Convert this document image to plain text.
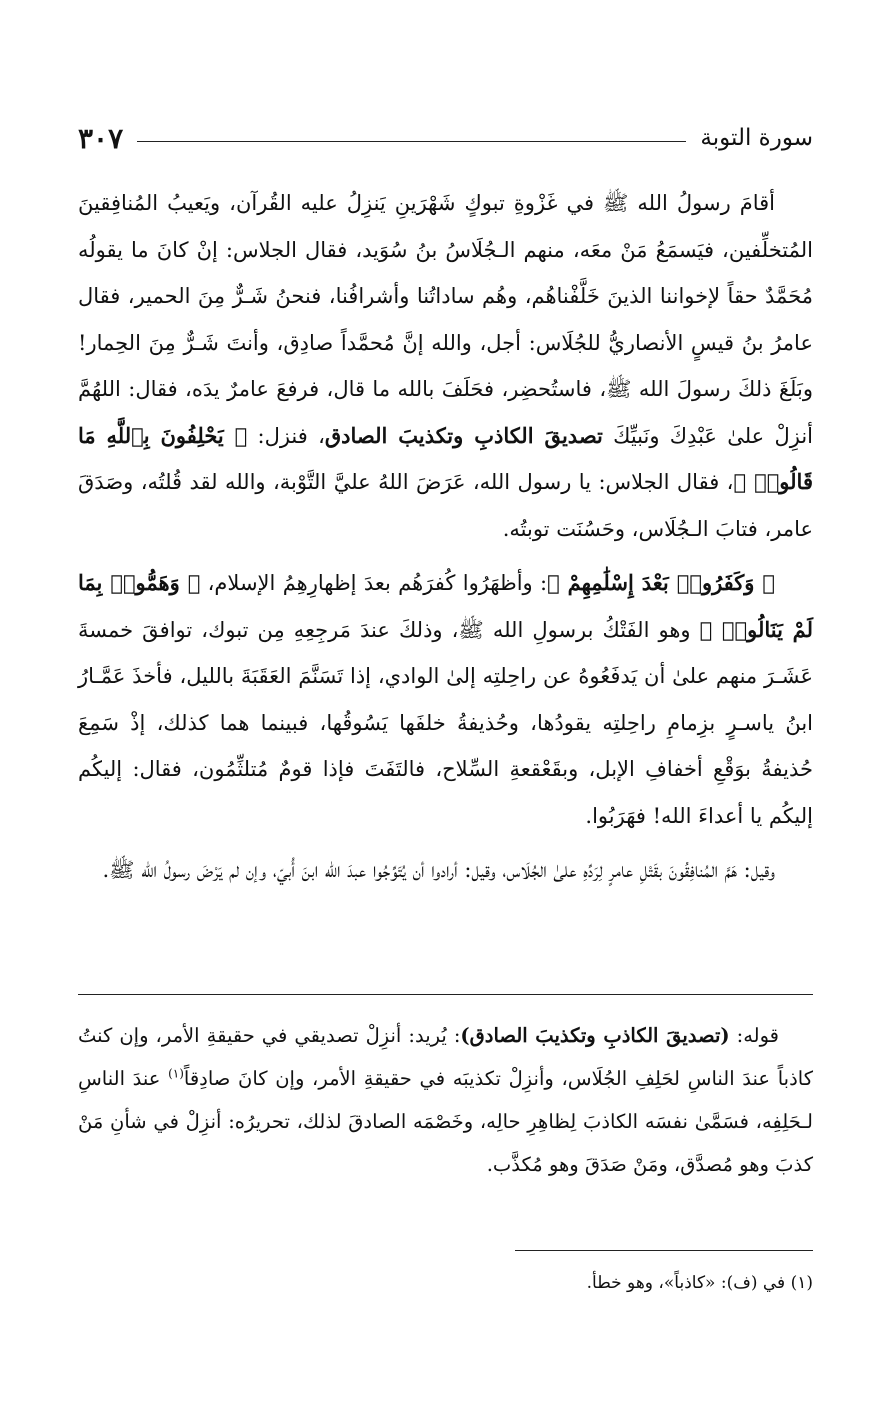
سورة التوبة
٣٠٧

أقامَ رسولُ الله ﷺ في غَزْوةِ تبوكٍ شَهْرَينِ يَنزِلُ عليه القُرآن، ويَعيبُ المُنافِقينَ المُتخلِّفين، فيَسمَعُ مَنْ معَه، منهم الـجُلَاسُ بنُ سُوَيد، فقال الجلاس: إنْ كانَ ما يقولُه مُحَمَّدٌ حقاً لإخواننا الذينَ خَلَّفْناهُم، وهُم ساداتُنا وأشرافُنا، فنحنُ شَـرٌّ مِنَ الحمير، فقال عامرُ بنُ قيسٍ الأنصاريُّ للجُلَاس: أجل، والله إنَّ مُحمَّداً صادِق، وأنتَ شَـرٌّ مِنَ الحِمار! وبَلَغَ ذلكَ رسولَ الله ﷺ، فاستُحضِر، فحَلَفَ بالله ما قال، فرفعَ عامرٌ يدَه، فقال: اللهُمَّ أنزِلْ علىٰ عَبْدِكَ ونَبيِّكَ تصديقَ الكاذبِ وتكذيبَ الصادق، فنزل: ﴿ يَحْلِفُونَ بِٱللَّهِ مَا قَالُوا۟ ﴾، فقال الجلاس: يا رسول الله، عَرَضَ اللهُ عليَّ التَّوْبة، والله لقد قُلتُه، وصَدَقَ عامر، فتابَ الـجُلَاس، وحَسُنَت توبتُه.

﴿ وَكَفَرُوا۟ بَعْدَ إِسْلَٰمِهِمْ ﴾: وأظهَرُوا كُفرَهُم بعدَ إظهارِهِمُ الإسلام، ﴿ وَهَمُّوا۟ بِمَا لَمْ يَنَالُوا۟ ﴾ وهو الفَتْكُ برسولِ الله ﷺ، وذلكَ عندَ مَرجِعِهِ مِن تبوك، توافقَ خمسةَ عَشَـرَ منهم علىٰ أن يَدفَعُوهُ عن راحِلتِه إلىٰ الوادي، إذا تَسَنَّمَ العَقَبَةَ بالليل، فأخذَ عَمَّـارُ ابنُ ياسـرٍ بزِمامِ راحِلتِه يقودُها، وحُذيفةُ خلفَها يَسُوقُها، فبينما هما كذلك، إذْ سَمِعَ حُذيفةُ بوَقْعِ أخفافِ الإبل، وبقَعْقعةِ السِّلاح، فالتَفَتَ فإذا قومٌ مُتلثِّمُون، فقال: إليكُم إليكُم يا أعداءَ الله! فهَرَبُوا.

وقيل: هَمَّ المُنافِقُونَ بقَتْلِ عامرٍ لِرَدِّهِ علىٰ الجُلَاس، وقيل: أرادوا أن يُتَوِّجُوا عبدَ الله ابنَ أُبيّ، وإن لم يَرْضَ رسولُ الله ﷺ.

قوله: (تصديقَ الكاذبِ وتكذيبَ الصادق): يُريد: أنزِلْ تصديقي في حقيقةِ الأمر، وإن كنتُ كاذباً عندَ الناسِ لحَلِفِ الجُلَاس، وأنزِلْ تكذيبَه في حقيقةِ الأمر، وإن كانَ صادِقاً$^{(١)}$ عندَ الناسِ لـحَلِفِه، فسَمَّىٰ نفسَه الكاذبَ لِظاهِرِ حالِه، وخَصْمَه الصادقَ لذلك، تحريرُه: أنزِلْ في شأنِ مَنْ كذبَ وهو مُصدَّق، ومَنْ صَدَقَ وهو مُكذَّب.

(١) في (ف): «كاذباً»، وهو خطأ.
